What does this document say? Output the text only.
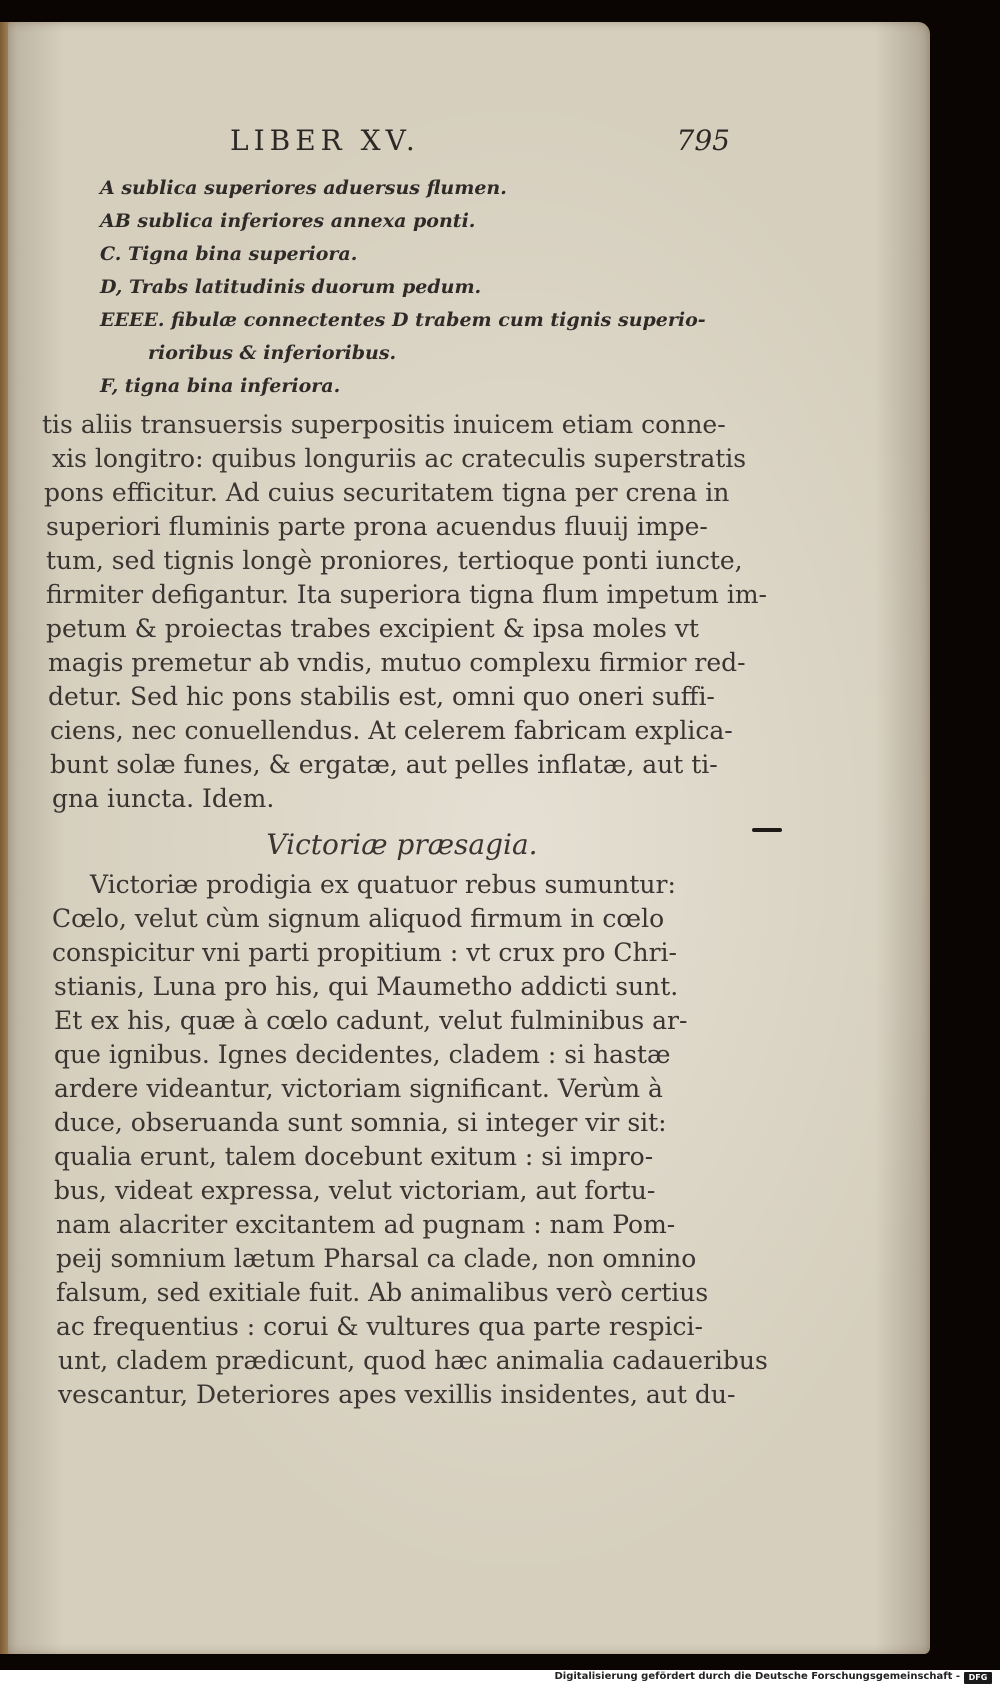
LIBER XV.	795
A sublica superiores aduersus flumen.
AB sublica inferiores annexa ponti.
C. Tigna bina superiora.
D, Trabs latitudinis duorum pedum.
EEEE. fibulæ connectentes D trabem cum tignis superio-
rioribus & inferioribus.
F, tigna bina inferiora.
tis aliis transuersis superpositis inuicem etiam conne-
xis longitro: quibus longuriis ac crateculis superstratis
pons efficitur. Ad cuius securitatem tigna per crena in
superiori fluminis parte prona acuendus fluuij impe-
tum, sed tignis longè proniores, tertioque ponti iuncte,
firmiter defigantur. Ita superiora tigna flum impetum im-
petum & proiectas trabes excipient & ipsa moles vt
magis premetur ab vndis, mutuo complexu firmior red-
detur. Sed hic pons stabilis est, omni quo oneri suffi-
ciens, nec conuellendus. At celerem fabricam explica-
bunt solæ funes, & ergatæ, aut pelles inflatæ, aut ti-
gna iuncta. Idem.
Victoriæ præsagia.
Victoriæ prodigia ex quatuor rebus sumuntur:
Cœlo, velut cùm signum aliquod firmum in cœlo
conspicitur vni parti propitium : vt crux pro Chri-
stianis, Luna pro his, qui Maumetho addicti sunt.
Et ex his, quæ à cœlo cadunt, velut fulminibus ar-
que ignibus. Ignes decidentes, cladem : si hastæ
ardere videantur, victoriam significant. Verùm à
duce, obseruanda sunt somnia, si integer vir sit:
qualia erunt, talem docebunt exitum : si impro-
bus, videat expressa, velut victoriam, aut fortu-
nam alacriter excitantem ad pugnam : nam Pom-
peij somnium lætum Pharsal ca clade, non omnino
falsum, sed exitiale fuit. Ab animalibus verò certius
ac frequentius : corui & vultures qua parte respici-
unt, cladem prædicunt, quod hæc animalia cadaueribus
vescantur, Deteriores apes vexillis insidentes, aut du-
Digitalisierung gefördert durch die Deutsche Forschungsgemeinschaft -	DFG
